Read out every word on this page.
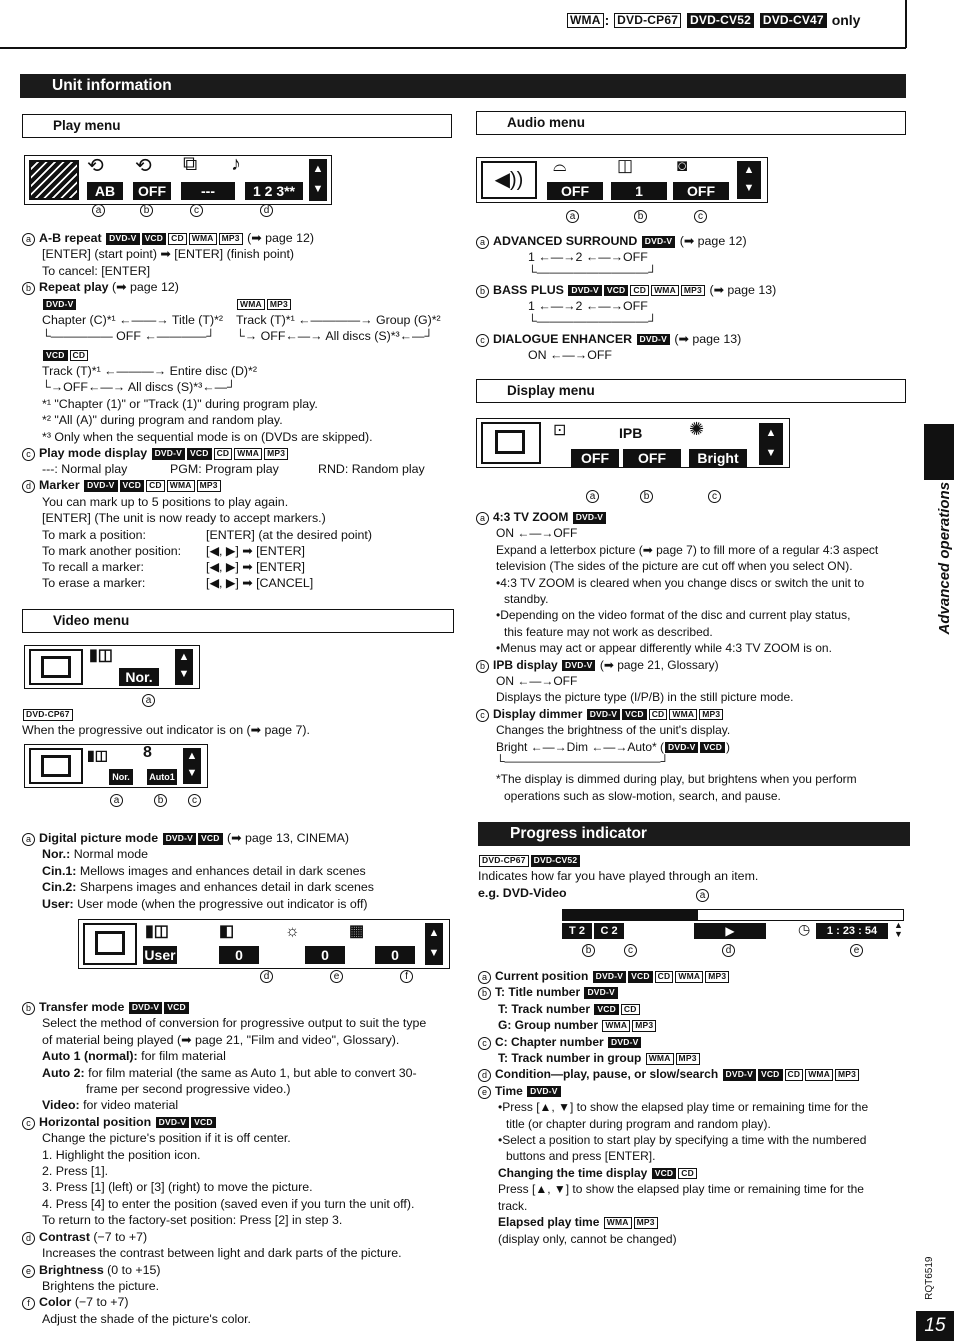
WMA : DVD-CP67 DVD-CV52 DVD-CV47 only
Unit information
Play menu
⟲ ⟲ ⧉ ♪
AB	OFF	---	1 2 3**
▲
▼
a	b	c	d

a A-B repeat DVD-V VCD CD WMA MP3 (➡ page 12)

[ENTER] (start point) ➡ [ENTER] (finish point)

To cancel: [ENTER]

b Repeat play (➡ page 12)

DVD-V	WMA MP3

Chapter (C)*¹ ←——→ Title (T)*² Track (T)*¹ ←————→ Group (G)*²

└————— OFF ←————┘ └→ OFF←—→ All discs (S)*³←—┘

VCD CD

Track (T)*¹ ←———→ Entire disc (D)*²

└→OFF←—→ All discs (S)*³←—┘

*¹ "Chapter (1)" or "Track (1)" during program play.

*² "All (A)" during program and random play.

*³ Only when the sequential mode is on (DVDs are skipped).

c Play mode display DVD-V VCD CD WMA MP3

---: Normal play	PGM: Program play	RND: Random play

d Marker DVD-V VCD CD WMA MP3

You can mark up to 5 positions to play again.

[ENTER] (The unit is now ready to accept markers.)

To mark a position:	[ENTER] (at the desired point)

To mark another position: [◀, ▶] ➡ [ENTER]

To recall a marker:	[◀, ▶] ➡ [ENTER]

To erase a marker:	[◀, ▶] ➡ [CANCEL]

Video menu
▮◫
Nor.
▲
▼
a

DVD-CP67

When the progressive out indicator is on (➡ page 7).

▮◫ 8
Nor.	Auto1
▲
▼
a	b	c

a Digital picture mode DVD-V VCD (➡ page 13, CINEMA)

Nor.: Normal mode

Cin.1: Mellows images and enhances detail in dark scenes

Cin.2: Sharpens images and enhances detail in dark scenes

User: User mode (when the progressive out indicator is off)

▮◫	◧	☼	▦
User	0	0	0
▲
▼
d	e	f

b Transfer mode DVD-V VCD

Select the method of conversion for progressive output to suit the type

of material being played (➡ page 21, "Film and video", Glossary).

Auto 1 (normal): for film material

Auto 2: for film material (the same as Auto 1, but able to convert 30-

frame per second progressive video.)

Video: for video material

c Horizontal position DVD-V VCD

Change the picture's position if it is off center.

1. Highlight the position icon.

2. Press [1].

3. Press [1] (left) or [3] (right) to move the picture.

4. Press [4] to enter the position (saved even if you turn the unit off).

To return to the factory-set position: Press [2] in step 3.

d Contrast (−7 to +7)

Increases the contrast between light and dark parts of the picture.

e Brightness (0 to +15)

Brightens the picture.

f Color (−7 to +7)

Adjust the shade of the picture's color.

Audio menu
◀))
⌓	◫	◙
OFF	1	OFF
▲
▼
a	b	c

a ADVANCED SURROUND DVD-V (➡ page 12)

1 ←—→2 ←—→OFF

└—————————┘

b BASS PLUS DVD-V VCD CD WMA MP3 (➡ page 13)

1 ←—→2 ←—→OFF

└—————————┘

c DIALOGUE ENHANCER DVD-V (➡ page 13)

ON ←—→OFF

Display menu
⊡	IPB	✺
OFF	OFF	Bright
▲
▼
a	b	c

a 4:3 TV ZOOM DVD-V

ON ←—→OFF

Expand a letterbox picture (➡ page 7) to fill more of a regular 4:3 aspect

television (The sides of the picture are cut off when you select ON).

•4:3 TV ZOOM is cleared when you change discs or switch the unit to

standby.

•Depending on the video format of the disc and current play status,

this feature may not work as described.

•Menus may act or appear differently while 4:3 TV ZOOM is on.

b IPB display DVD-V (➡ page 21, Glossary)

ON ←—→OFF

Displays the picture type (I/P/B) in the still picture mode.

c Display dimmer DVD-V VCD CD WMA MP3

Changes the brightness of the unit's display.

Bright ←—→Dim ←—→Auto* ( DVD-V VCD )

└—————————————┘

*The display is dimmed during play, but brightens when you perform

operations such as slow-motion, search, and pause.

Progress indicator

DVD-CP67 DVD-CV52

Indicates how far you have played through an item.

e.g. DVD-Video	a
T 2	C 2	▶	◷	1 : 23 : 54	▲
▼
b	c	d	e

a Current position DVD-V VCD CD WMA MP3

b T: Title number DVD-V

T: Track number VCD CD

G: Group number WMA MP3

c C: Chapter number DVD-V

T: Track number in group WMA MP3

d Condition—play, pause, or slow/search DVD-V VCD CD WMA MP3

e Time DVD-V

•Press [▲, ▼] to show the elapsed play time or remaining time for the

title (or chapter during program and random play).

•Select a position to start play by specifying a time with the numbered

buttons and press [ENTER].

Changing the time display VCD CD

Press [▲, ▼] to show the elapsed play time or remaining time for the

track.

Elapsed play time WMA MP3

(display only, cannot be changed)

Advanced operations
RQT6519
15
